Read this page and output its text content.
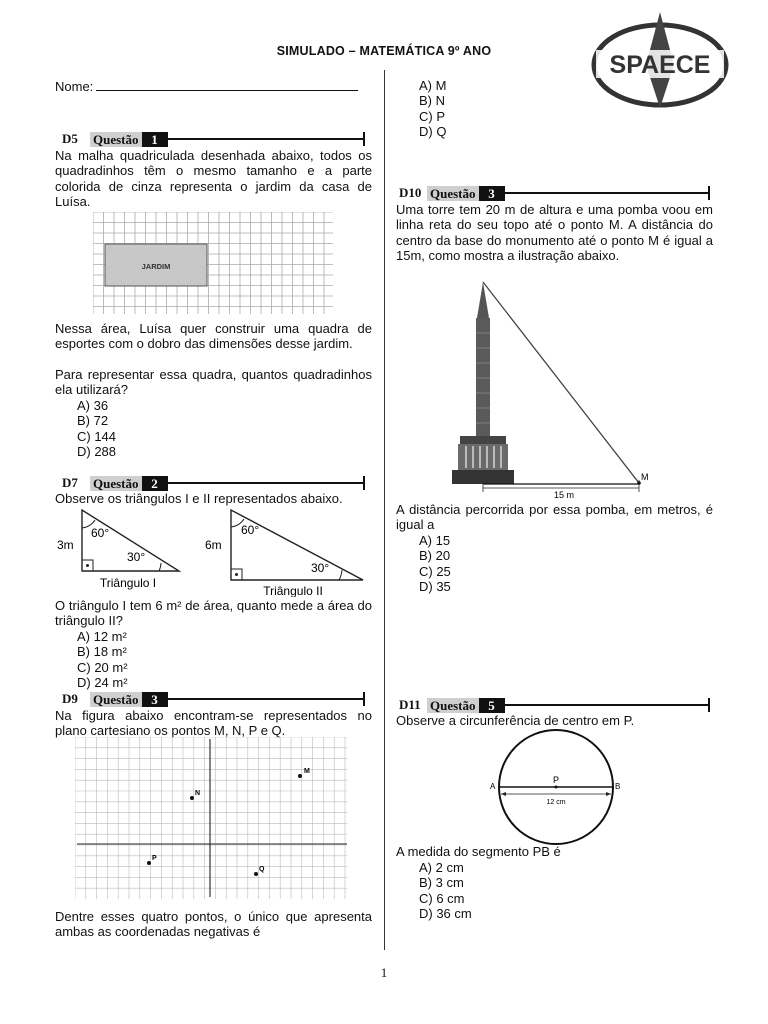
SIMULADO – MATEMÁTICA 9º ANO	SPAECE
Nome:
D5	Questão 1
Na malha quadriculada desenhada abaixo, todos os quadradinhos têm o mesmo tamanho e a parte colorida de cinza representa o jardim da casa de Luísa.
JARDIM
Nessa área, Luísa quer construir uma quadra de esportes com o dobro das dimensões desse jardim.
Para representar essa quadra, quantos quadradinhos ela utilizará?
A) 36
B) 72
C) 144
D) 288
D7	Questão 2
Observe os triângulos I e II representados abaixo.
3m
60°
30°
Triângulo I
6m
60°
30°
Triângulo II
O triângulo I tem 6 m² de área, quanto mede a área do triângulo II?
A) 12 m²
B) 18 m²
C) 20 m²
D) 24 m²
D9	Questão 3
Na figura abaixo encontram-se representados no plano cartesiano os pontos M, N, P e Q.
M
N
P
Q
Dentre esses quatro pontos, o único que apresenta ambas as coordenadas negativas é
A) M
B) N
C) P
D) Q
D10 Questão 3
Uma torre tem 20 m de altura e uma pomba voou em linha reta do seu topo até o ponto M. A distância do centro da base do monumento até o ponto M é igual a 15m, como mostra a ilustração abaixo.
M
15 m
A distância percorrida por essa pomba, em metros, é igual a
A) 15
B) 20
C) 25
D) 35
D11 Questão 5
Observe a circunferência de centro em P.
A
P
B
12 cm
A medida do segmento PB é
A) 2 cm
B) 3 cm
C) 6 cm
D) 36 cm
1
